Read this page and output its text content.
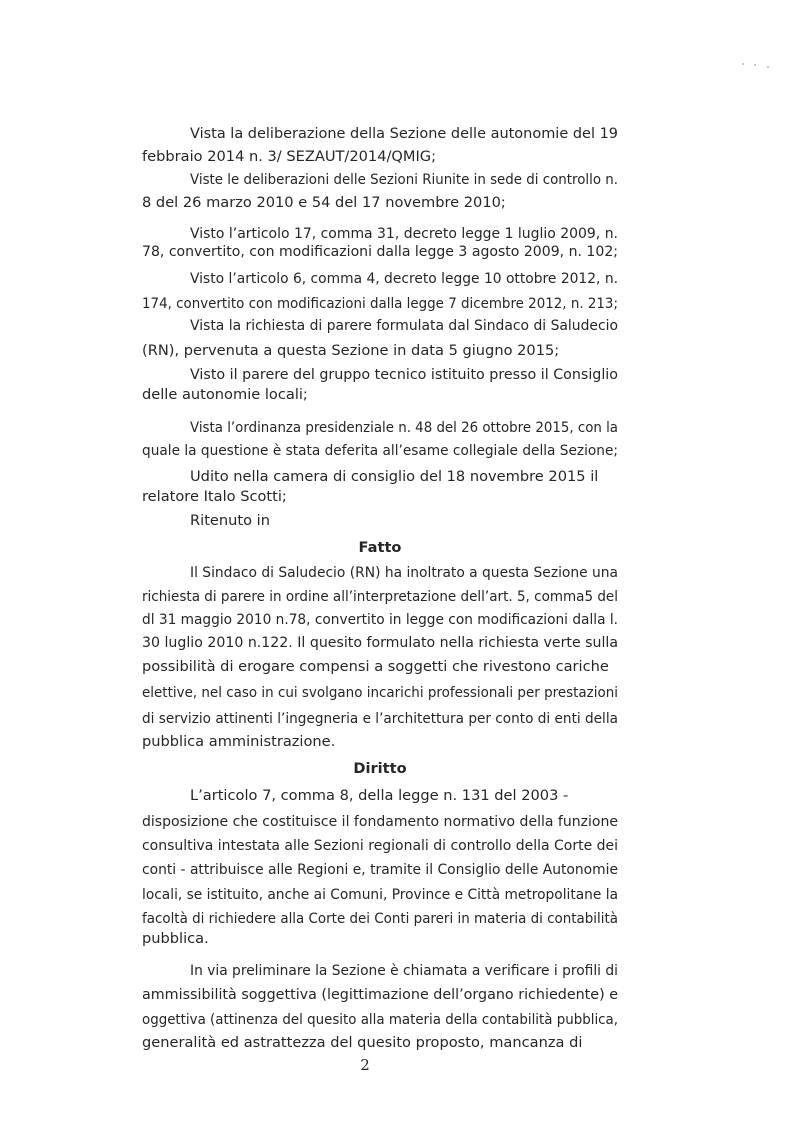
Vista la deliberazione della Sezione delle autonomie del 19
febbraio 2014 n. 3/ SEZAUT/2014/QMIG;
Viste le deliberazioni delle Sezioni Riunite in sede di controllo n.
8 del 26 marzo 2010 e 54 del 17 novembre 2010;
Visto l’articolo 17, comma 31, decreto legge 1 luglio 2009, n.
78, convertito, con modificazioni dalla legge 3 agosto 2009, n. 102;
Visto l’articolo 6, comma 4, decreto legge 10 ottobre 2012, n.
174, convertito con modificazioni dalla legge 7 dicembre 2012, n. 213;
Vista la richiesta di parere formulata dal Sindaco di Saludecio
(RN), pervenuta a questa Sezione in data 5 giugno 2015;
Visto il parere del gruppo tecnico istituito presso il Consiglio
delle autonomie locali;
Vista l’ordinanza presidenziale n. 48 del 26 ottobre 2015, con la
quale la questione è stata deferita all’esame collegiale della Sezione;
Udito nella camera di consiglio del 18 novembre 2015 il
relatore Italo Scotti;
Ritenuto in
Fatto
Il Sindaco di Saludecio (RN) ha inoltrato a questa Sezione una
richiesta di parere in ordine all’interpretazione dell’art. 5, comma5 del
dl 31 maggio 2010 n.78, convertito in legge con modificazioni dalla l.
30 luglio 2010 n.122. Il quesito formulato nella richiesta verte sulla
possibilità di erogare compensi a soggetti che rivestono cariche
elettive, nel caso in cui svolgano incarichi professionali per prestazioni
di servizio attinenti l’ingegneria e l’architettura per conto di enti della
pubblica amministrazione.
Diritto
L’articolo 7, comma 8, della legge n. 131 del 2003 -
disposizione che costituisce il fondamento normativo della funzione
consultiva intestata alle Sezioni regionali di controllo della Corte dei
conti - attribuisce alle Regioni e, tramite il Consiglio delle Autonomie
locali, se istituito, anche ai Comuni, Province e Città metropolitane la
facoltà di richiedere alla Corte dei Conti pareri in materia di contabilità
pubblica.
In via preliminare la Sezione è chiamata a verificare i profili di
ammissibilità soggettiva (legittimazione dell’organo richiedente) e
oggettiva (attinenza del quesito alla materia della contabilità pubblica,
generalità ed astrattezza del quesito proposto, mancanza di
2
